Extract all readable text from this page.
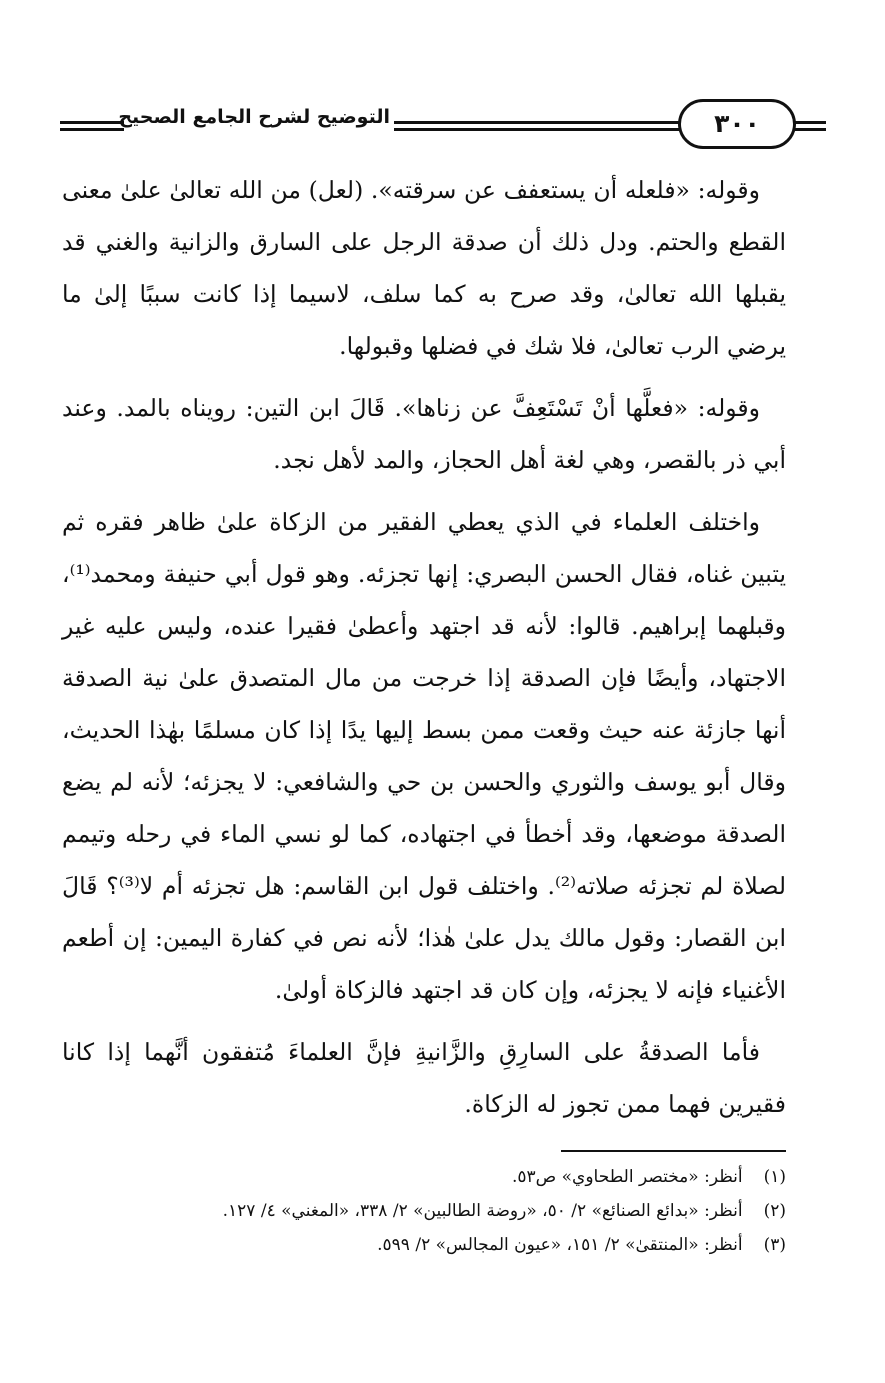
التوضيح لشرح الجامع الصحيح	٣٠٠

وقوله: «فلعله أن يستعفف عن سرقته». (لعل) من الله تعالىٰ علىٰ معنى القطع والحتم. ودل ذلك أن صدقة الرجل على السارق والزانية والغني قد يقبلها الله تعالىٰ، وقد صرح به كما سلف، لاسيما إذا كانت سببًا إلىٰ ما يرضي الرب تعالىٰ، فلا شك في فضلها وقبولها.

وقوله: «فعلَّها أنْ تَسْتَعِفَّ عن زناها». قَالَ ابن التين: رويناه بالمد. وعند أبي ذر بالقصر، وهي لغة أهل الحجاز، والمد لأهل نجد.

واختلف العلماء في الذي يعطي الفقير من الزكاة علىٰ ظاهر فقره ثم يتبين غناه، فقال الحسن البصري: إنها تجزئه. وهو قول أبي حنيفة ومحمد⁽¹⁾، وقبلهما إبراهيم. قالوا: لأنه قد اجتهد وأعطىٰ فقيرا عنده، وليس عليه غير الاجتهاد، وأيضًا فإن الصدقة إذا خرجت من مال المتصدق علىٰ نية الصدقة أنها جازئة عنه حيث وقعت ممن بسط إليها يدًا إذا كان مسلمًا بهٰذا الحديث، وقال أبو يوسف والثوري والحسن بن حي والشافعي: لا يجزئه؛ لأنه لم يضع الصدقة موضعها، وقد أخطأ في اجتهاده، كما لو نسي الماء في رحله وتيمم لصلاة لم تجزئه صلاته⁽²⁾. واختلف قول ابن القاسم: هل تجزئه أم لا⁽³⁾؟ قَالَ ابن القصار: وقول مالك يدل علىٰ هٰذا؛ لأنه نص في كفارة اليمين: إن أطعم الأغنياء فإنه لا يجزئه، وإن كان قد اجتهد فالزكاة أولىٰ.

فأما الصدقةُ على السارِقِ والزَّانيةِ فإنَّ العلماءَ مُتفقون أنَّهما إذا كانا فقيرين فهما ممن تجوز له الزكاة.

(١) أنظر: «مختصر الطحاوي» ص٥٣.
(٢) أنظر: «بدائع الصنائع» ٢/ ٥٠، «روضة الطالبين» ٢/ ٣٣٨، «المغني» ٤/ ١٢٧.
(٣) أنظر: «المنتقىٰ» ٢/ ١٥١، «عيون المجالس» ٢/ ٥٩٩.
